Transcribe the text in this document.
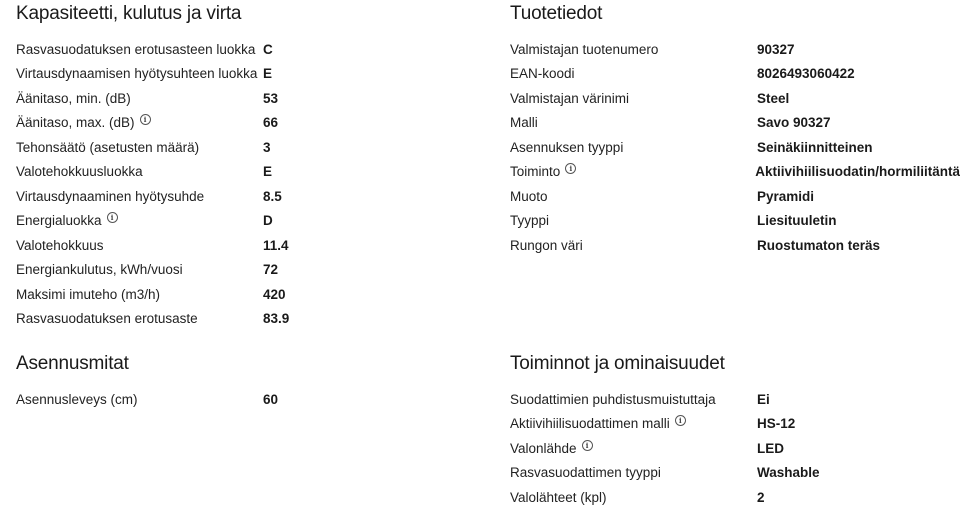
Kapasiteetti, kulutus ja virta
Rasvasuodatuksen erotusasteen luokka C
Virtausdynaamisen hyötysuhteen luokka E
Äänitaso, min. (dB)	53
Äänitaso, max. (dB)	i	66
Tehonsäätö (asetusten määrä)	3
Valotehokkuusluokka	E
Virtausdynaaminen hyötysuhde	8.5
Energialuokka	i	D
Valotehokkuus	11.4
Energiankulutus, kWh/vuosi	72
Maksimi imuteho (m3/h)	420
Rasvasuodatuksen erotusaste	83.9
Asennusmitat
Asennusleveys (cm)	60
Tuotetiedot
Valmistajan tuotenumero	90327
EAN-koodi	8026493060422
Valmistajan värinimi	Steel
Malli	Savo 90327
Asennuksen tyyppi	Seinäkiinnitteinen
Toiminto	i	Aktiivihiilisuodatin/hormiliitäntä
Muoto	Pyramidi
Tyyppi	Liesituuletin
Rungon väri	Ruostumaton teräs
Toiminnot ja ominaisuudet
Suodattimien puhdistusmuistuttaja	Ei
Aktiivihiilisuodattimen malli	i	HS-12
Valonlähde	i	LED
Rasvasuodattimen tyyppi	Washable
Valolähteet (kpl)	2
